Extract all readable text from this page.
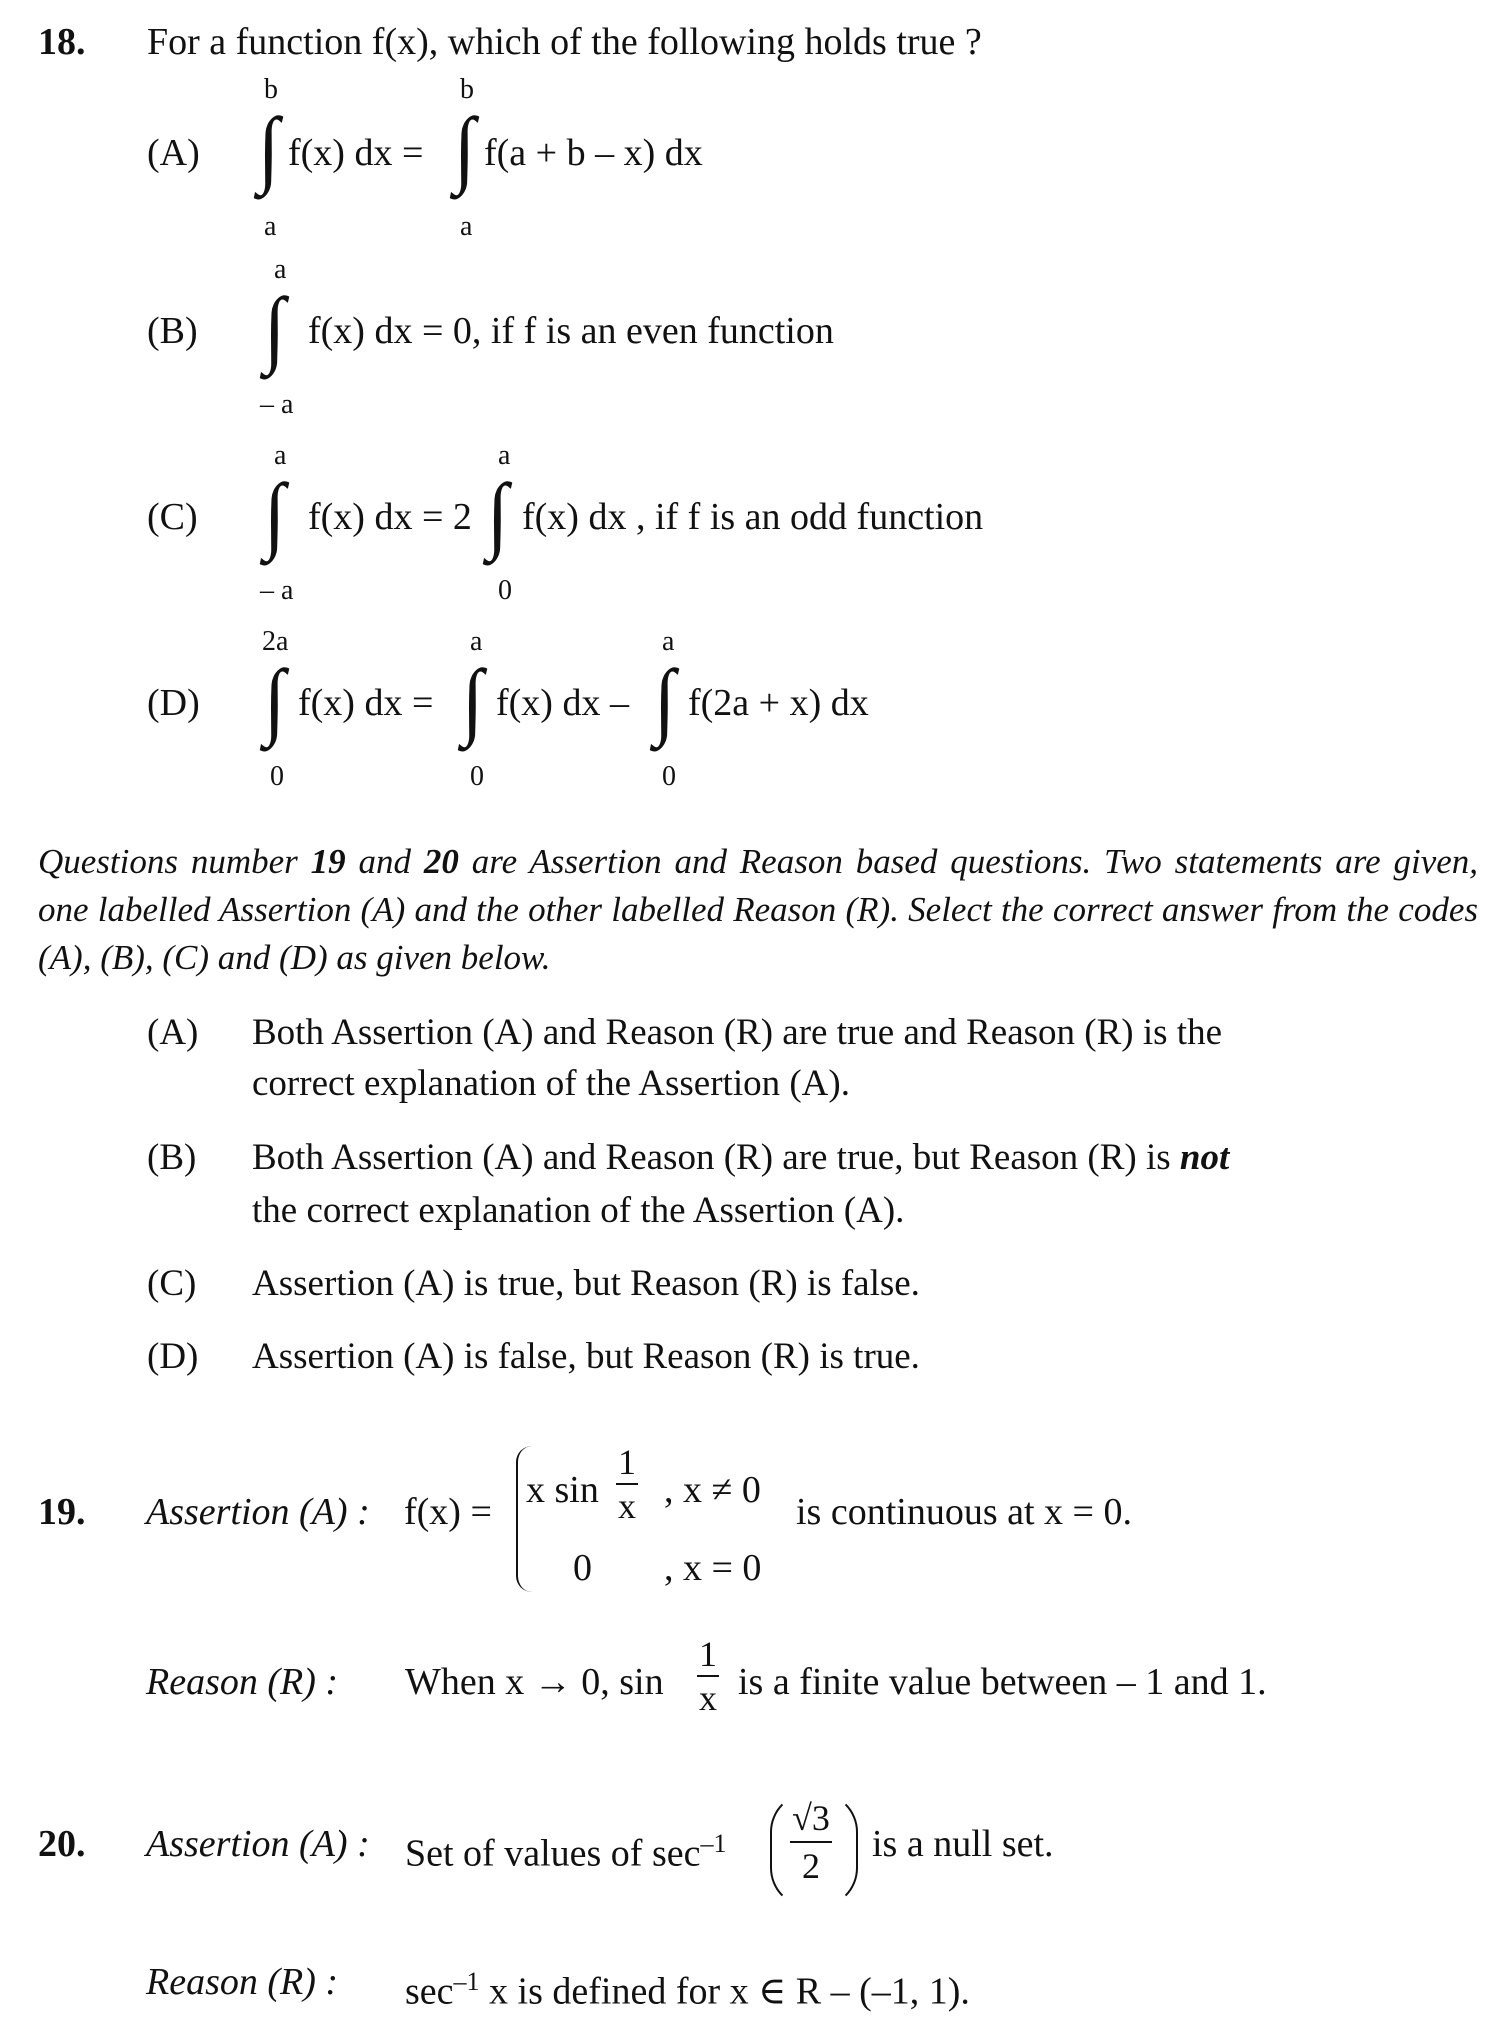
18. For a function f(x), which of the following holds true ?
(A)
b
∫
a
f(x) dx =
b
∫
a
f(a + b – x) dx
(B)
a
∫
– a
f(x) dx = 0, if f is an even function
(C)
a
∫
– a
f(x) dx = 2
a
∫
0
f(x) dx , if f is an odd function
(D)
2a
∫
0
f(x) dx =
a
∫
0
f(x) dx –
a
∫
0
f(2a + x) dx
Questions number 19 and 20 are Assertion and Reason based questions. Two statements are given, one labelled Assertion (A) and the other labelled Reason (R). Select the correct answer from the codes (A), (B), (C) and (D) as given below.
(A) Both Assertion (A) and Reason (R) are true and Reason (R) is the
correct explanation of the Assertion (A).
(B) Both Assertion (A) and Reason (R) are true, but Reason (R) is not
the correct explanation of the Assertion (A).
(C) Assertion (A) is true, but Reason (R) is false.
(D) Assertion (A) is false, but Reason (R) is true.
19. Assertion (A) : f(x) =
x $\sin \frac{1}{x}$ , x ≠ 0
0 , x = 0
is continuous at x = 0.
Reason (R) : When x → 0, $\sin \frac{1}{x}$ is a finite value between – 1 and 1.
20. Assertion (A) : Set of values of $\sec^{-1} \frac{√3}{2}$ is a null set.
Reason (R) : $\sec^{-1} x$ is defined for x ∈ R – (–1, 1).
